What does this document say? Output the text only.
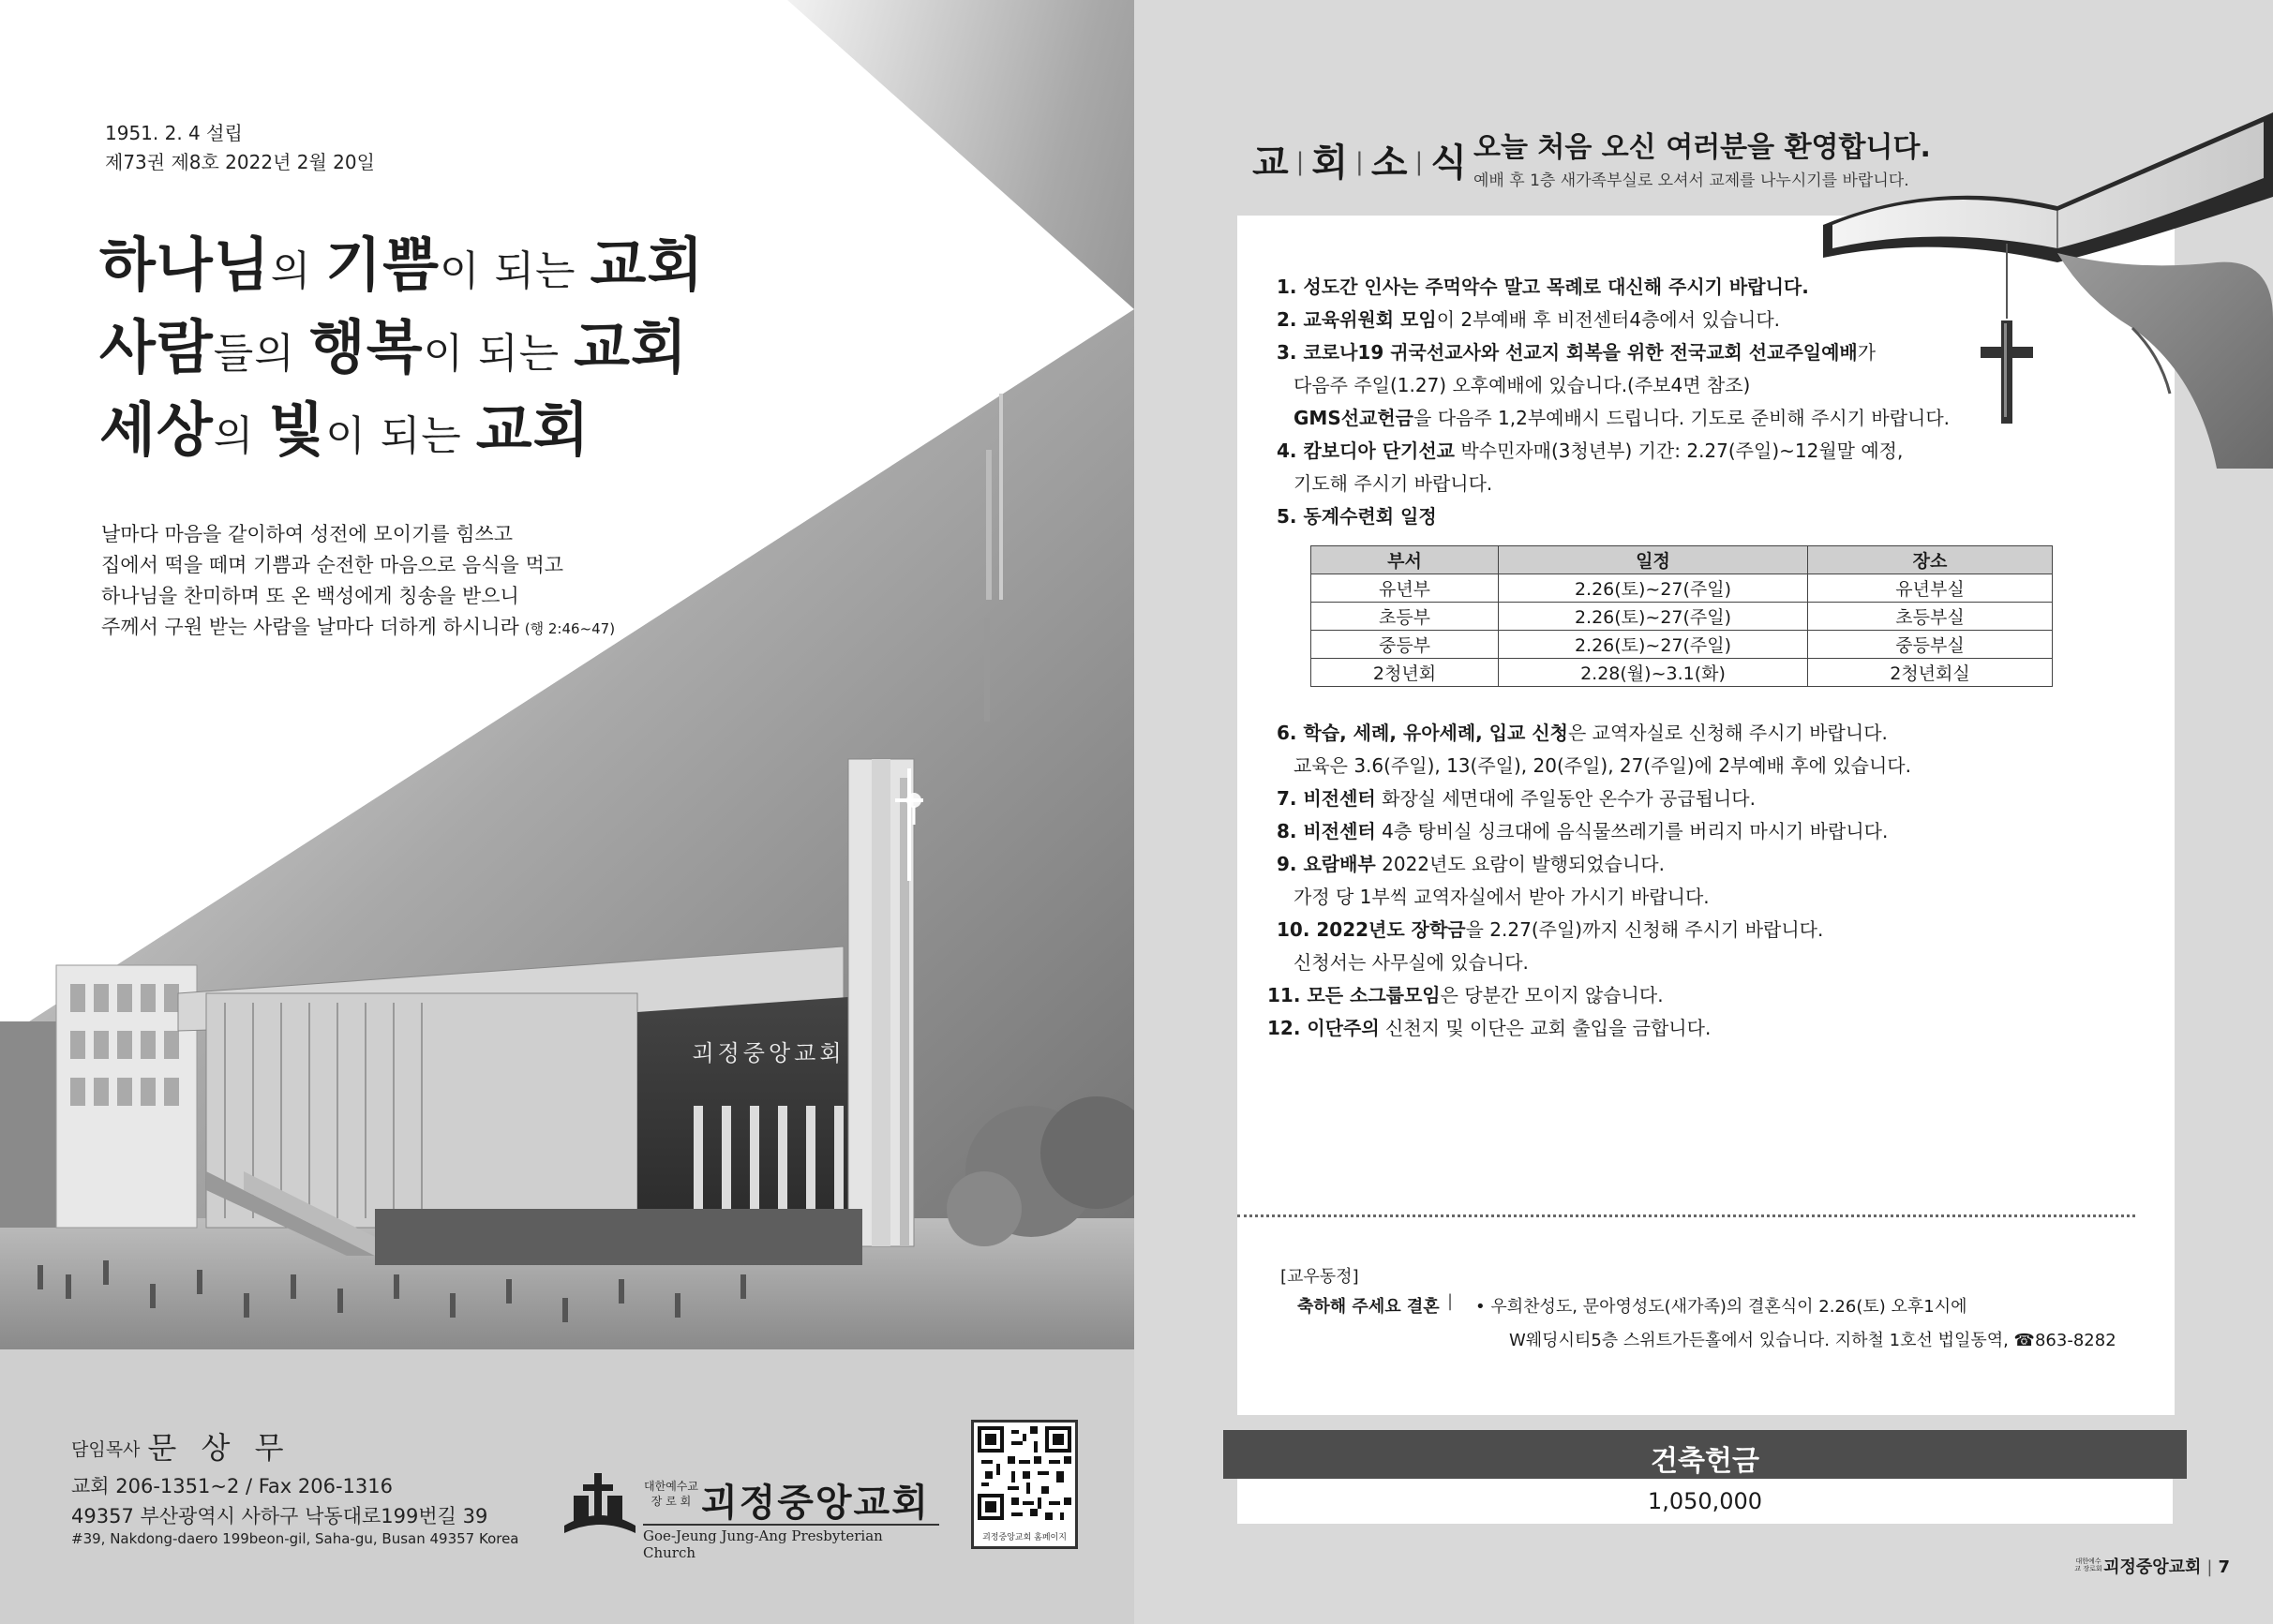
괴정중앙교회
1951. 2. 4 설립
제73권 제8호 2022년 2월 20일
하나님의 기쁨이 되는 교회
사람들의 행복이 되는 교회
세상의 빛이 되는 교회
날마다 마음을 같이하여 성전에 모이기를 힘쓰고
집에서 떡을 떼며 기쁨과 순전한 마음으로 음식을 먹고
하나님을 찬미하며 또 온 백성에게 칭송을 받으니
주께서 구원 받는 사람을 날마다 더하게 하시니라 (행 2:46~47)
담임목사 문 상 무
교회 206-1351~2 / Fax 206-1316
49357 부산광역시 사하구 낙동대로199번길 39
#39, Nakdong-daero 199beon-gil, Saha-gu, Busan 49357 Korea
대한예수교
장 로 회 괴정중앙교회
Goe-Jeung Jung-Ang Presbyterian Church
괴정중앙교회 홈페이지
교 | 회 | 소 | 식 오늘 처음 오신 여러분을 환영합니다.
예배 후 1층 새가족부실로 오셔서 교제를 나누시기를 바랍니다.
1. 성도간 인사는 주먹악수 말고 목례로 대신해 주시기 바랍니다.
2. 교육위원회 모임이 2부예배 후 비전센터4층에서 있습니다.
3. 코로나19 귀국선교사와 선교지 회복을 위한 전국교회 선교주일예배가
다음주 주일(1.27) 오후예배에 있습니다.(주보4면 참조)
GMS선교헌금을 다음주 1,2부예배시 드립니다. 기도로 준비해 주시기 바랍니다.
4. 캄보디아 단기선교 박수민자매(3청년부) 기간: 2.27(주일)~12월말 예정,
기도해 주시기 바랍니다.
5. 동계수련회 일정
부서	일정	장소
유년부	2.26(토)~27(주일)	유년부실
초등부	2.26(토)~27(주일)	초등부실
중등부	2.26(토)~27(주일)	중등부실
2청년회	2.28(월)~3.1(화)	2청년회실
6. 학습, 세례, 유아세례, 입교 신청은 교역자실로 신청해 주시기 바랍니다.
교육은 3.6(주일), 13(주일), 20(주일), 27(주일)에 2부예배 후에 있습니다.
7. 비전센터 화장실 세면대에 주일동안 온수가 공급됩니다.
8. 비전센터 4층 탕비실 싱크대에 음식물쓰레기를 버리지 마시기 바랍니다.
9. 요람배부 2022년도 요람이 발행되었습니다.
가정 당 1부씩 교역자실에서 받아 가시기 바랍니다.
10. 2022년도 장학금을 2.27(주일)까지 신청해 주시기 바랍니다.
신청서는 사무실에 있습니다.
11. 모든 소그룹모임은 당분간 모이지 않습니다.
12. 이단주의 신천지 및 이단은 교회 출입을 금합니다.
[교우동정]
축하해 주세요 결혼 | • 우희찬성도, 문아영성도(새가족)의 결혼식이 2.26(토) 오후1시에
W웨딩시티5층 스위트가든홀에서 있습니다. 지하철 1호선 법일동역, ☎863-8282
건축헌금
1,050,000
대한예수교 장로회괴정중앙교회 | 7
